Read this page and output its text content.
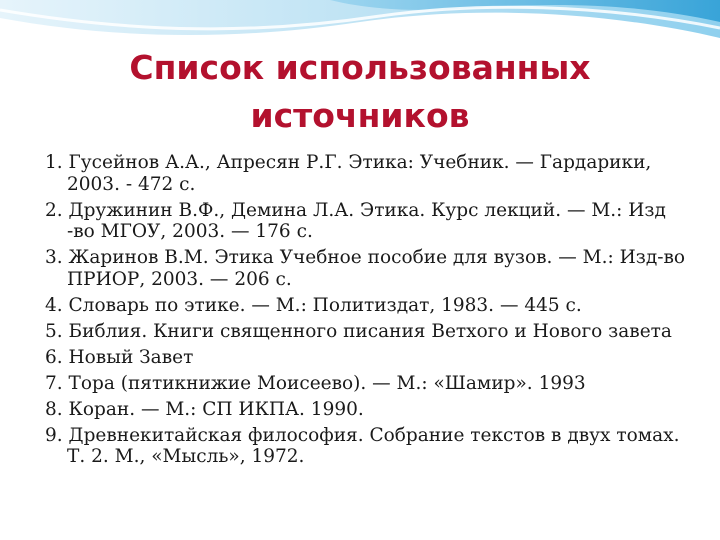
Список использованных
источников
1. Гусейнов А.А., Апресян Р.Г. Этика: Учебник. — Гардарики, 2003. - 472 с.
2. Дружинин В.Ф., Демина Л.А. Этика. Курс лекций. — М.: Изд -во МГОУ, 2003. — 176 с.
3. Жаринов В.М. Этика Учебное пособие для вузов. — М.: Изд-во ПРИОР, 2003. — 206 с.
4. Словарь по этике. — М.: Политиздат, 1983. — 445 с.
5. Библия. Книги священного писания Ветхого и Нового завета
6. Новый Завет
7. Тора (пятикнижие Моисеево). — М.: «Шамир». 1993
8. Коран. — М.: СП ИКПА. 1990.
9. Древнекитайская философия. Собрание текстов в двух томах. Т. 2. М., «Мысль», 1972.
